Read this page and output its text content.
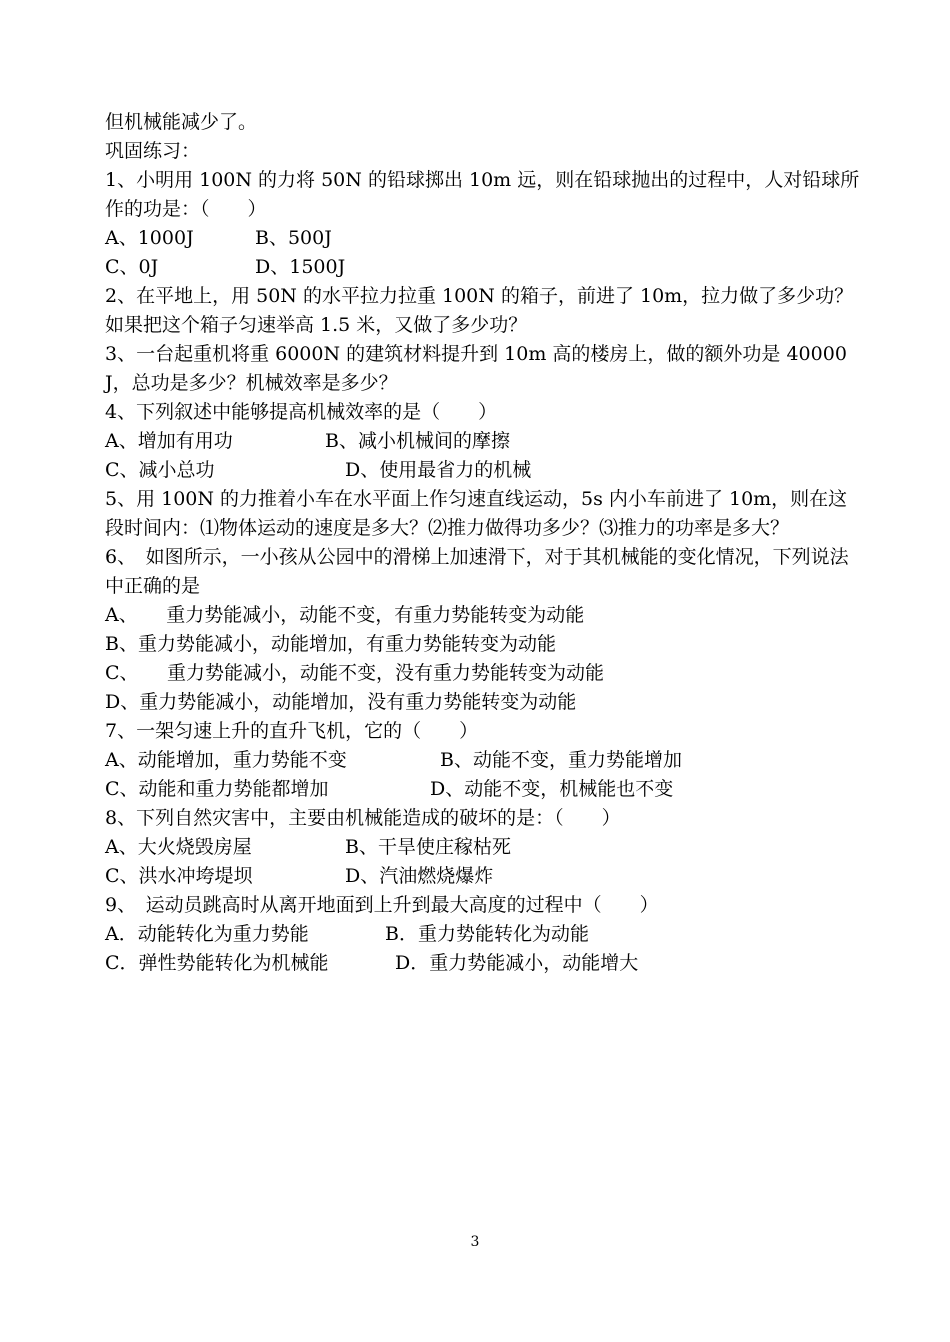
但机械能减少了。
巩固练习：
1、小明用 100N 的力将 50N 的铅球掷出 10m 远，则在铅球抛出的过程中，人对铅球所作的功是：（　　）
A、1000J	B、500J
C、0J	D、1500J
2、在平地上，用 50N 的水平拉力拉重 100N 的箱子，前进了 10m，拉力做了多少功？如果把这个箱子匀速举高 1.5 米，又做了多少功？
3、一台起重机将重 6000N 的建筑材料提升到 10m 高的楼房上，做的额外功是 40000J，总功是多少？机械效率是多少？
4、下列叙述中能够提高机械效率的是（　　）
A、增加有用功	B、减小机械间的摩擦
C、减小总功	D、使用最省力的机械
5、用 100N 的力推着小车在水平面上作匀速直线运动，5s 内小车前进了 10m，则在这段时间内：⑴物体运动的速度是多大？⑵推力做得功多少？⑶推力的功率是多大？
6、　如图所示，一小孩从公园中的滑梯上加速滑下，对于其机械能的变化情况，下列说法中正确的是
A、　　重力势能减小，动能不变，有重力势能转变为动能
B、重力势能减小，动能增加，有重力势能转变为动能
C、　　重力势能减小，动能不变，没有重力势能转变为动能
D、重力势能减小，动能增加，没有重力势能转变为动能
7、一架匀速上升的直升飞机，它的（　　）
A、动能增加，重力势能不变	B、动能不变，重力势能增加
C、动能和重力势能都增加	D、动能不变，机械能也不变
8、下列自然灾害中，主要由机械能造成的破坏的是：（　　）
A、大火烧毁房屋	B、干旱使庄稼枯死
C、洪水冲垮堤坝	D、汽油燃烧爆炸
9、　运动员跳高时从离开地面到上升到最大高度的过程中（　　）
A．动能转化为重力势能	B．重力势能转化为动能
C．弹性势能转化为机械能	D．重力势能减小，动能增大
3
